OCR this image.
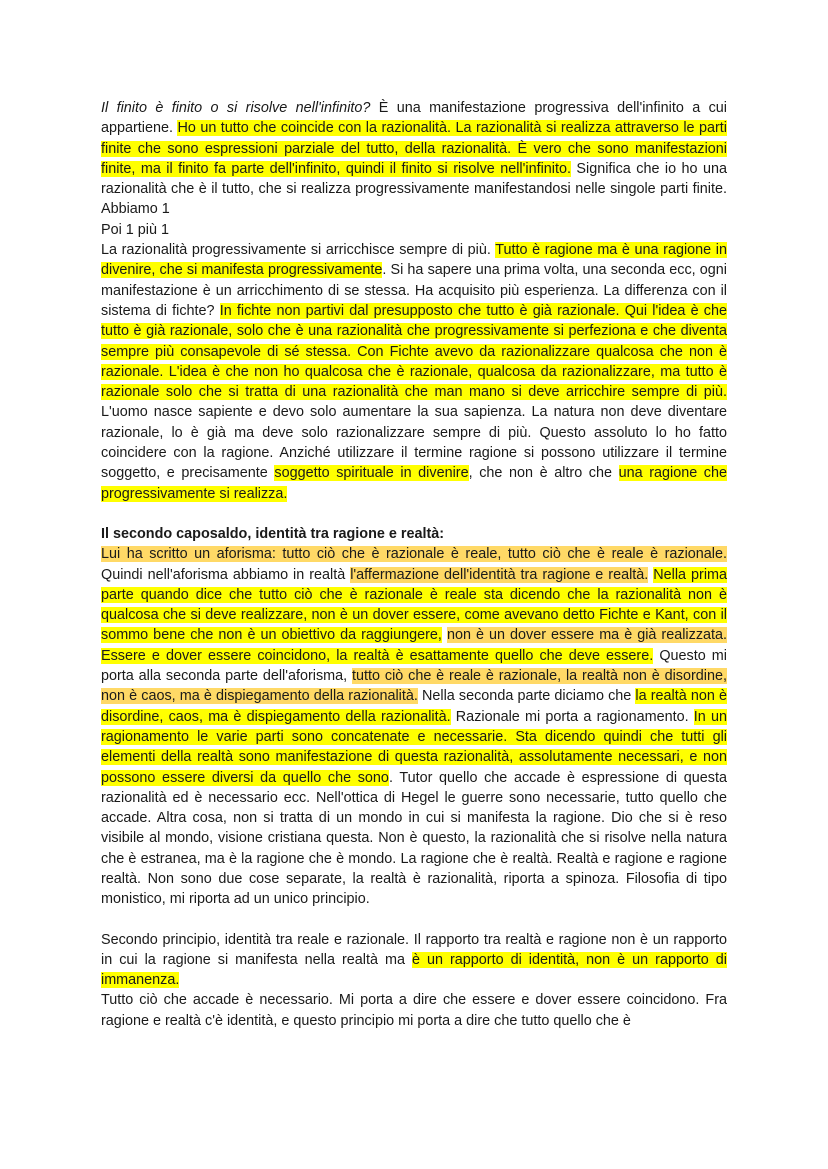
Il finito è finito o si risolve nell'infinito? È una manifestazione progressiva dell'infinito a cui appartiene. Ho un tutto che coincide con la razionalità. La razionalità si realizza attraverso le parti finite che sono espressioni parziale del tutto, della razionalità. È vero che sono manifestazioni finite, ma il finito fa parte dell'infinito, quindi il finito si risolve nell'infinito. Significa che io ho una razionalità che è il tutto, che si realizza progressivamente manifestandosi nelle singole parti finite. Abbiamo 1

Poi 1 più 1

La razionalità progressivamente si arricchisce sempre di più. Tutto è ragione ma è una ragione in divenire, che si manifesta progressivamente. Si ha sapere una prima volta, una seconda ecc, ogni manifestazione è un arricchimento di se stessa. Ha acquisito più esperienza. La differenza con il sistema di fichte? In fichte non partivi dal presupposto che tutto è già razionale. Qui l'idea è che tutto è già razionale, solo che è una razionalità che progressivamente si perfeziona e che diventa sempre più consapevole di sé stessa. Con Fichte avevo da razionalizzare qualcosa che non è razionale. L'idea è che non ho qualcosa che è razionale, qualcosa da razionalizzare, ma tutto è razionale solo che si tratta di una razionalità che man mano si deve arricchire sempre di più. L'uomo nasce sapiente e devo solo aumentare la sua sapienza. La natura non deve diventare razionale, lo è già ma deve solo razionalizzare sempre di più. Questo assoluto lo ho fatto coincidere con la ragione. Anziché utilizzare il termine ragione si possono utilizzare il termine soggetto, e precisamente soggetto spirituale in divenire, che non è altro che una ragione che progressivamente si realizza.

Il secondo caposaldo, identità tra ragione e realtà:

Lui ha scritto un aforisma: tutto ciò che è razionale è reale, tutto ciò che è reale è razionale. Quindi nell'aforisma abbiamo in realtà l'affermazione dell'identità tra ragione e realtà. Nella prima parte quando dice che tutto ciò che è razionale è reale sta dicendo che la razionalità non è qualcosa che si deve realizzare, non è un dover essere, come avevano detto Fichte e Kant, con il sommo bene che non è un obiettivo da raggiungere, non è un dover essere ma è già realizzata. Essere e dover essere coincidono, la realtà è esattamente quello che deve essere. Questo mi porta alla seconda parte dell'aforisma, tutto ciò che è reale è razionale, la realtà non è disordine, non è caos, ma è dispiegamento della razionalità. Nella seconda parte diciamo che la realtà non è disordine, caos, ma è dispiegamento della razionalità. Razionale mi porta a ragionamento. In un ragionamento le varie parti sono concatenate e necessarie. Sta dicendo quindi che tutti gli elementi della realtà sono manifestazione di questa razionalità, assolutamente necessari, e non possono essere diversi da quello che sono. Tutor quello che accade è espressione di questa razionalità ed è necessario ecc. Nell'ottica di Hegel le guerre sono necessarie, tutto quello che accade. Altra cosa, non si tratta di un mondo in cui si manifesta la ragione. Dio che si è reso visibile al mondo, visione cristiana questa. Non è questo, la razionalità che si risolve nella natura che è estranea, ma è la ragione che è mondo. La ragione che è realtà. Realtà e ragione e ragione realtà. Non sono due cose separate, la realtà è razionalità, riporta a spinoza. Filosofia di tipo monistico, mi riporta ad un unico principio.

Secondo principio, identità tra reale e razionale. Il rapporto tra realtà e ragione non è un rapporto in cui la ragione si manifesta nella realtà ma è un rapporto di identità, non è un rapporto di immanenza.

Tutto ciò che accade è necessario. Mi porta a dire che essere e dover essere coincidono. Fra ragione e realtà c'è identità, e questo principio mi porta a dire che tutto quello che è
